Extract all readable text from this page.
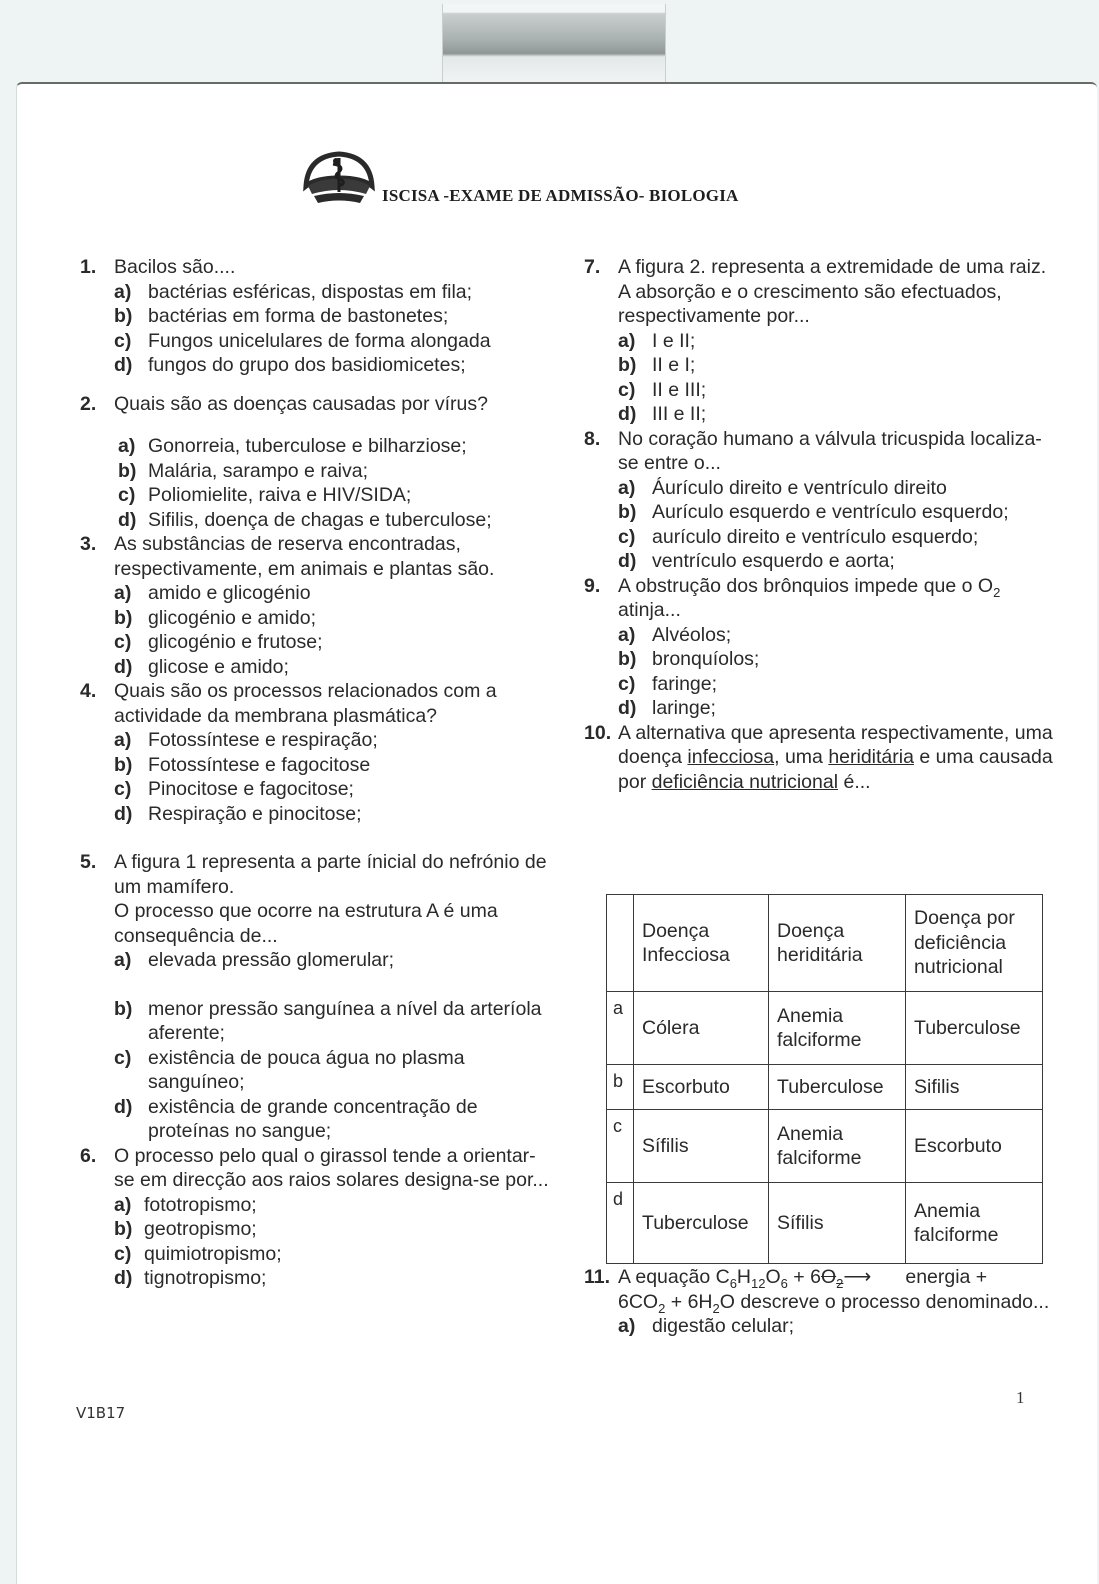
ISCISA -EXAME DE ADMISSÃO- BIOLOGIA
1. Bacilos são....
a) bactérias esféricas, dispostas em fila;
b) bactérias em forma de bastonetes;
c) Fungos unicelulares de forma alongada
d) fungos do grupo dos basidiomicetes;
2. Quais são as doenças causadas por vírus?
a) Gonorreia, tuberculose e bilharziose;
b) Malária, sarampo e raiva;
c) Poliomielite, raiva e HIV/SIDA;
d) Sifilis, doença de chagas e tuberculose;
3. As substâncias de reserva encontradas, respectivamente, em animais e plantas são.
a) amido e glicogénio
b) glicogénio e amido;
c) glicogénio e frutose;
d) glicose e amido;
4. Quais são os processos relacionados com a actividade da membrana plasmática?
a) Fotossíntese e respiração;
b) Fotossíntese e fagocitose
c) Pinocitose e fagocitose;
d) Respiração e pinocitose;
5. A figura 1 representa a parte ínicial do nefrónio de um mamífero.
O processo que ocorre na estrutura A é uma consequência de...
a) elevada pressão glomerular;
b) menor pressão sanguínea a nível da arteríola aferente;
c) existência de pouca água no plasma sanguíneo;
d) existência de grande concentração de proteínas no sangue;
6. O processo pelo qual o girassol tende a orientar-se em direcção aos raios solares designa-se por...
a) fototropismo;
b) geotropismo;
c) quimiotropismo;
d) tignotropismo;
7. A figura 2. representa a extremidade de uma raiz.
A absorção e o crescimento são efectuados, respectivamente por...
a) I e II;
b) II e I;
c) II e III;
d) III e II;
8. No coração humano a válvula tricuspida localiza-se entre o...
a) Áurículo direito e ventrículo direito
b) Aurículo esquerdo e ventrículo esquerdo;
c) aurículo direito e ventrículo esquerdo;
d) ventrículo esquerdo e aorta;
9. A obstrução dos brônquios impede que o $O_2$ atinja...
a) Alvéolos;
b) bronquíolos;
c) faringe;
d) laringe;
10. A alternativa que apresenta respectivamente, uma doença infecciosa, uma heriditária e uma causada por deficiência nutricional é...
	Doença Infecciosa	Doença heriditária	Doença por deficiência nutricional
a	Cólera	Anemia falciforme	Tuberculose
b	Escorbuto	Tuberculose	Sifilis
c	Sífilis	Anemia falciforme	Escorbuto
d	Tuberculose	Sífilis	Anemia falciforme
11. A equação $C_6H_{12}O_6$ + $6O_2⟶$ energia +
$6CO_2 + 6H_2O$ descreve o processo denominado...
a) digestão celular;
V1B17
1
